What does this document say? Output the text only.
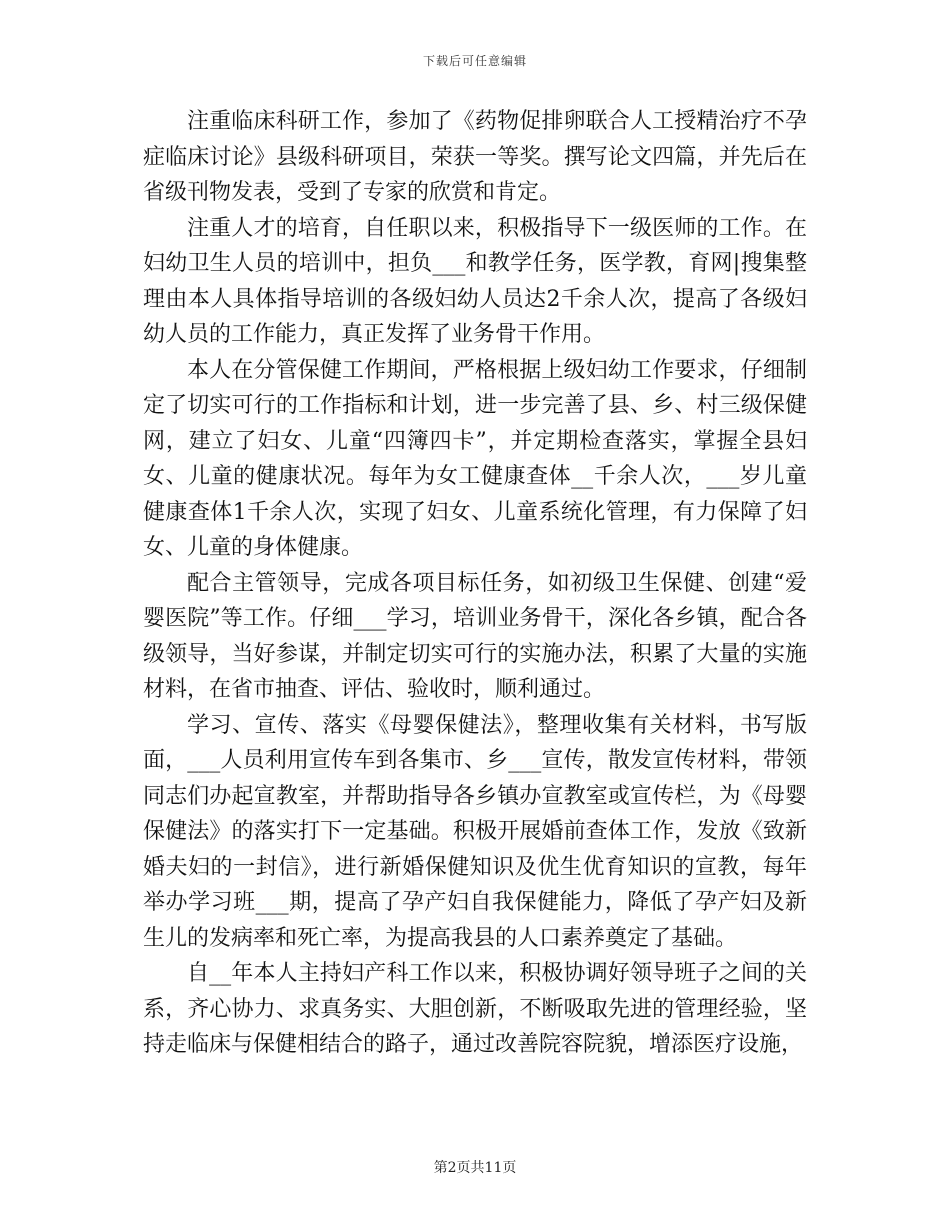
下载后可任意编辑

注重临床科研工作，参加了《药物促排卵联合人工授精治疗不孕症临床讨论》县级科研项目，荣获一等奖。撰写论文四篇，并先后在省级刊物发表，受到了专家的欣赏和肯定。

注重人才的培育，自任职以来，积极指导下一级医师的工作。在妇幼卫生人员的培训中，担负___和教学任务，医学教，育网|搜集整理由本人具体指导培训的各级妇幼人员达2千余人次，提高了各级妇幼人员的工作能力，真正发挥了业务骨干作用。

本人在分管保健工作期间，严格根据上级妇幼工作要求，仔细制定了切实可行的工作指标和计划，进一步完善了县、乡、村三级保健网，建立了妇女、儿童“四簿四卡”，并定期检查落实，掌握全县妇女、儿童的健康状况。每年为女工健康查体__千余人次，___岁儿童健康查体1千余人次，实现了妇女、儿童系统化管理，有力保障了妇女、儿童的身体健康。

配合主管领导，完成各项目标任务，如初级卫生保健、创建“爱婴医院”等工作。仔细___学习，培训业务骨干，深化各乡镇，配合各级领导，当好参谋，并制定切实可行的实施办法，积累了大量的实施材料，在省市抽查、评估、验收时，顺利通过。

学习、宣传、落实《母婴保健法》，整理收集有关材料，书写版面，___人员利用宣传车到各集市、乡___宣传，散发宣传材料，带领同志们办起宣教室，并帮助指导各乡镇办宣教室或宣传栏，为《母婴保健法》的落实打下一定基础。积极开展婚前查体工作，发放《致新婚夫妇的一封信》，进行新婚保健知识及优生优育知识的宣教，每年举办学习班___期，提高了孕产妇自我保健能力，降低了孕产妇及新生儿的发病率和死亡率，为提高我县的人口素养奠定了基础。

自__年本人主持妇产科工作以来，积极协调好领导班子之间的关系，齐心协力、求真务实、大胆创新，不断吸取先进的管理经验，坚持走临床与保健相结合的路子，通过改善院容院貌，增添医疗设施，

第2页共11页
